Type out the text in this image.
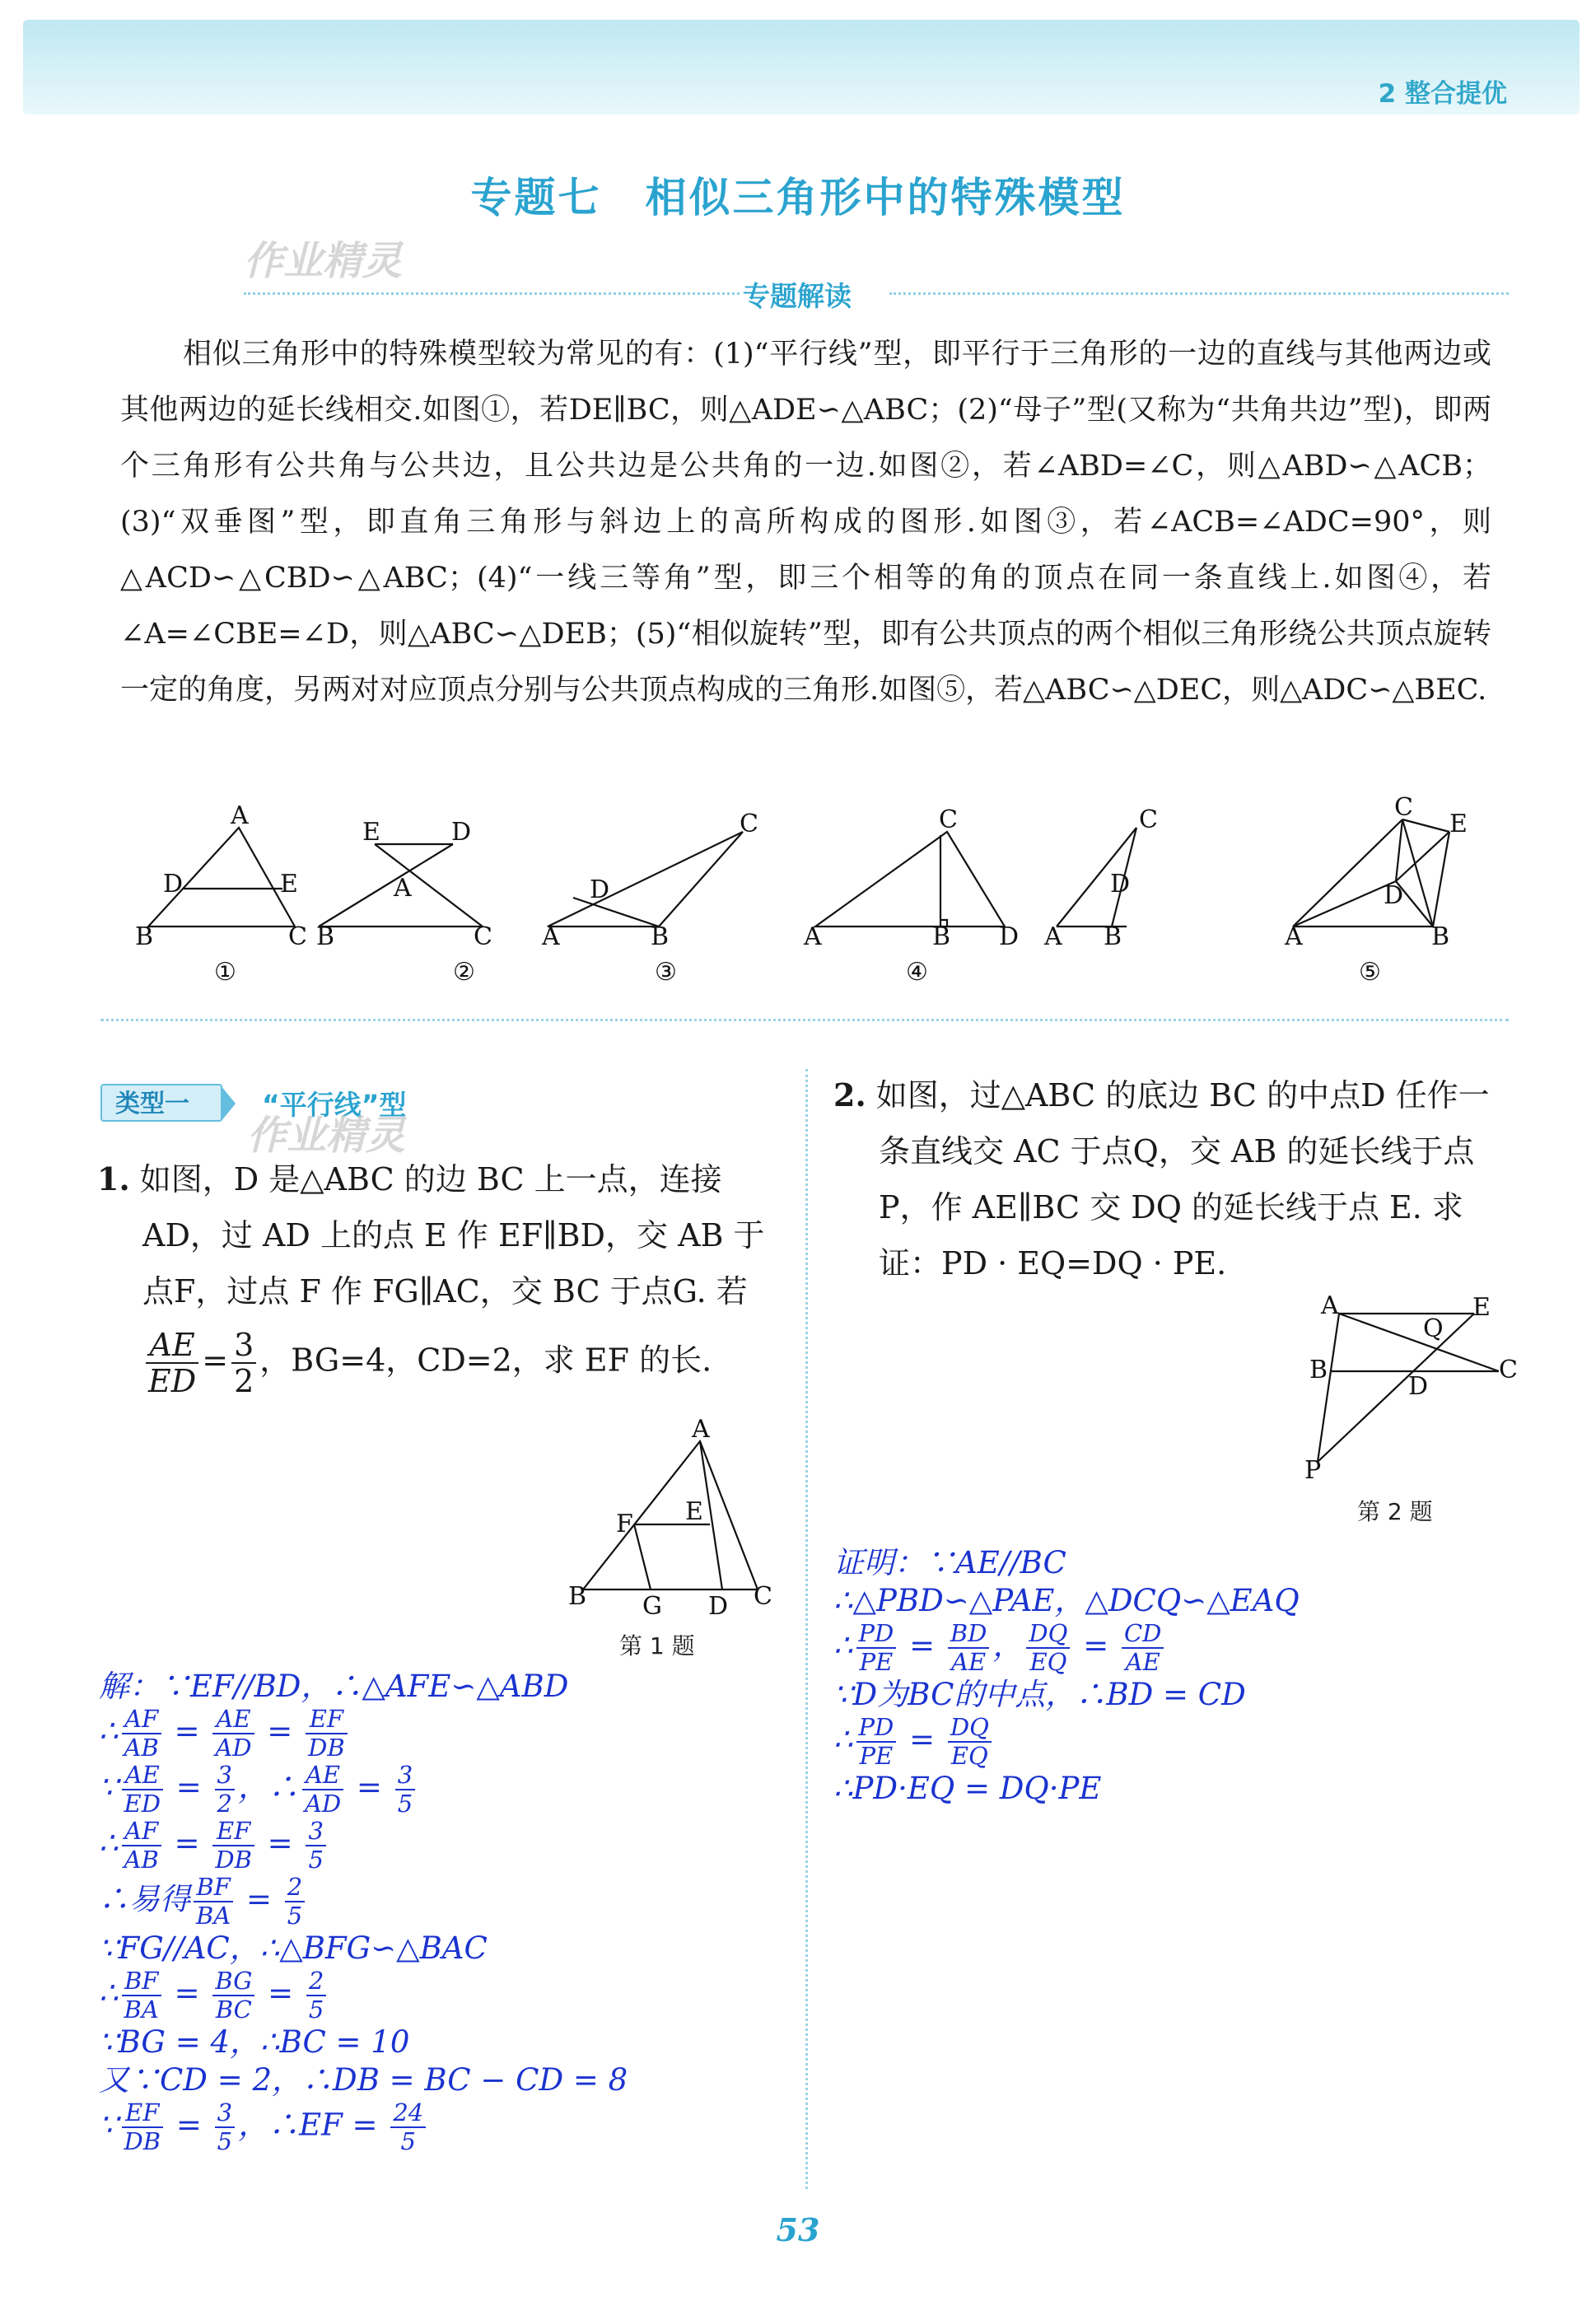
2 整合提优
专题七　相似三角形中的特殊模型
作业精灵
专题解读

相似三角形中的特殊模型较为常见的有：(1)“平行线”型，即平行于三角形的一边的直线与其他两边或其他两边的延长线相交.如图①，若DE∥BC，则△ADE∽△ABC；(2)“母子”型(又称为“共角共边”型)，即两个三角形有公共角与公共边，且公共边是公共角的一边.如图②，若∠ABD=∠C，则△ABD∽△ACB；(3)“双垂图”型，即直角三角形与斜边上的高所构成的图形.如图③，若∠ACB=∠ADC=90°，则△ACD∽△CBD∽△ABC；(4)“一线三等角”型，即三个相等的角的顶点在同一条直线上.如图④，若∠A=∠CBE=∠D，则△ABC∽△DEB；(5)“相似旋转”型，即有公共顶点的两个相似三角形绕公共顶点旋转一定的角度，另两对对应顶点分别与公共顶点构成的三角形.如图⑤，若△ABC∽△DEC，则△ADC∽△BEC.

A
D	E
B	C
E	D
A
B	C A
D
B
C	C
A	B D A B
C
D
A	B
C
D
E
①	②	③	④	⑤
类型一	“平行线”型
作业精灵
1. 如图，D 是△ABC 的边 BC 上一点，连接
AD，过 AD 上的点 E 作 EF∥BD，交 AB 于
点F，过点 F 作 FG∥AC，交 BC 于点G. 若
$\frac{AE}{ED} = \frac{3}{2}$ ，BG=4，CD=2，求 EF 的长.
A
F E
B G D C
第 1 题
2. 如图，过△ABC 的底边 BC 的中点D 任作一
条直线交 AC 于点Q，交 AB 的延长线于点
P，作 AE∥BC 交 DQ 的延长线于点 E. 求
证：PD · EQ=DQ · PE.
A	E
Q
B
D
C
P
第 2 题
解：∵EF//BD，∴△AFE∽△ABD
∴ $\frac{AF}{AB} = \frac{AE}{AD} = \frac{EF}{DB}$
∵ $\frac{AE}{ED} = \frac{3}{2}$ ，∴ $\frac{AE}{AD} = \frac{3}{5}$
∴ $\frac{AF}{AB} = \frac{EF}{DB} = \frac{3}{5}$
∴易得 $\frac{BF}{BA} = \frac{2}{5}$
∵FG//AC，∴△BFG∽△BAC
∴ $\frac{BF}{BA} = \frac{BG}{BC} = \frac{2}{5}$
∵BG = 4，∴BC = 10
又∵CD = 2，∴DB = BC − CD = 8
∵ $\frac{EF}{DB} = \frac{3}{5}$ ，∴EF = $\frac{24}{5}$
证明：∵AE//BC
∴△PBD∽△PAE，△DCQ∽△EAQ
∴ $\frac{PD}{PE} = \frac{BD}{AE}$ ， $\frac{DQ}{EQ} = \frac{CD}{AE}$
∵D为BC的中点，∴BD = CD
∴ $\frac{PD}{PE} = \frac{DQ}{EQ}$
∴PD·EQ = DQ·PE
53
